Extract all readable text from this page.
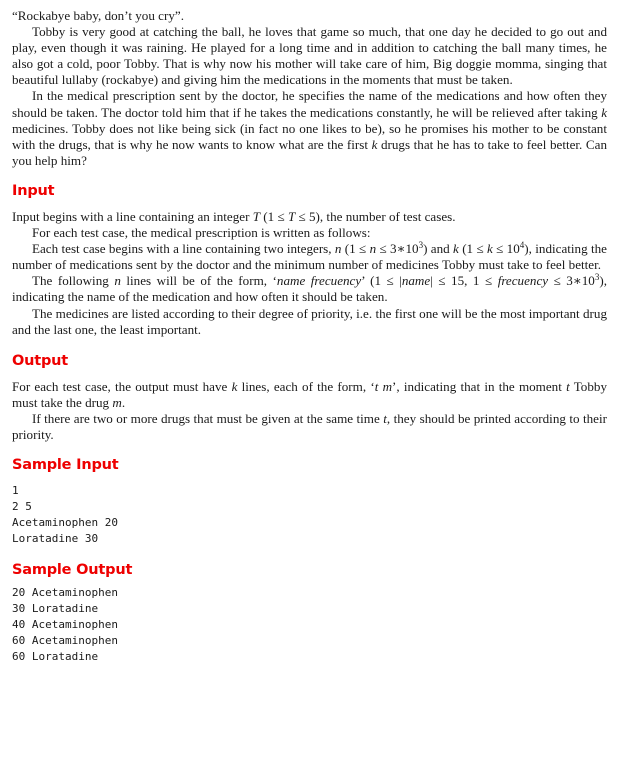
“Rockabye baby, don’t you cry”.

Tobby is very good at catching the ball, he loves that game so much, that one day he decided to go out and play, even though it was raining. He played for a long time and in addition to catching the ball many times, he also got a cold, poor Tobby. That is why now his mother will take care of him, Big doggie momma, singing that beautiful lullaby (rockabye) and giving him the medications in the moments that must be taken.

In the medical prescription sent by the doctor, he specifies the name of the medications and how often they should be taken. The doctor told him that if he takes the medications constantly, he will be relieved after taking k medicines. Tobby does not like being sick (in fact no one likes to be), so he promises his mother to be constant with the drugs, that is why he now wants to know what are the first k drugs that he has to take to feel better. Can you help him?

Input

Input begins with a line containing an integer T (1 ≤ T ≤ 5), the number of test cases.

For each test case, the medical prescription is written as follows:

Each test case begins with a line containing two integers, n $(1 \le n \le 3∗10^3)$ and k $(1 \le k \le 10^4)$, indicating the number of medications sent by the doctor and the minimum number of medicines Tobby must take to feel better.

The following n lines will be of the form, ‘name frecuency’ (1 ≤ |name| ≤ 15, 1 ≤ frecuency ≤ $3∗10^3$), indicating the name of the medication and how often it should be taken.

The medicines are listed according to their degree of priority, i.e. the first one will be the most important drug and the last one, the least important.

Output

For each test case, the output must have k lines, each of the form, ‘t m’, indicating that in the moment t Tobby must take the drug m.

If there are two or more drugs that must be given at the same time t, they should be printed according to their priority.

Sample Input
1
2 5
Acetaminophen 20
Loratadine 30
Sample Output
20 Acetaminophen
30 Loratadine
40 Acetaminophen
60 Acetaminophen
60 Loratadine
